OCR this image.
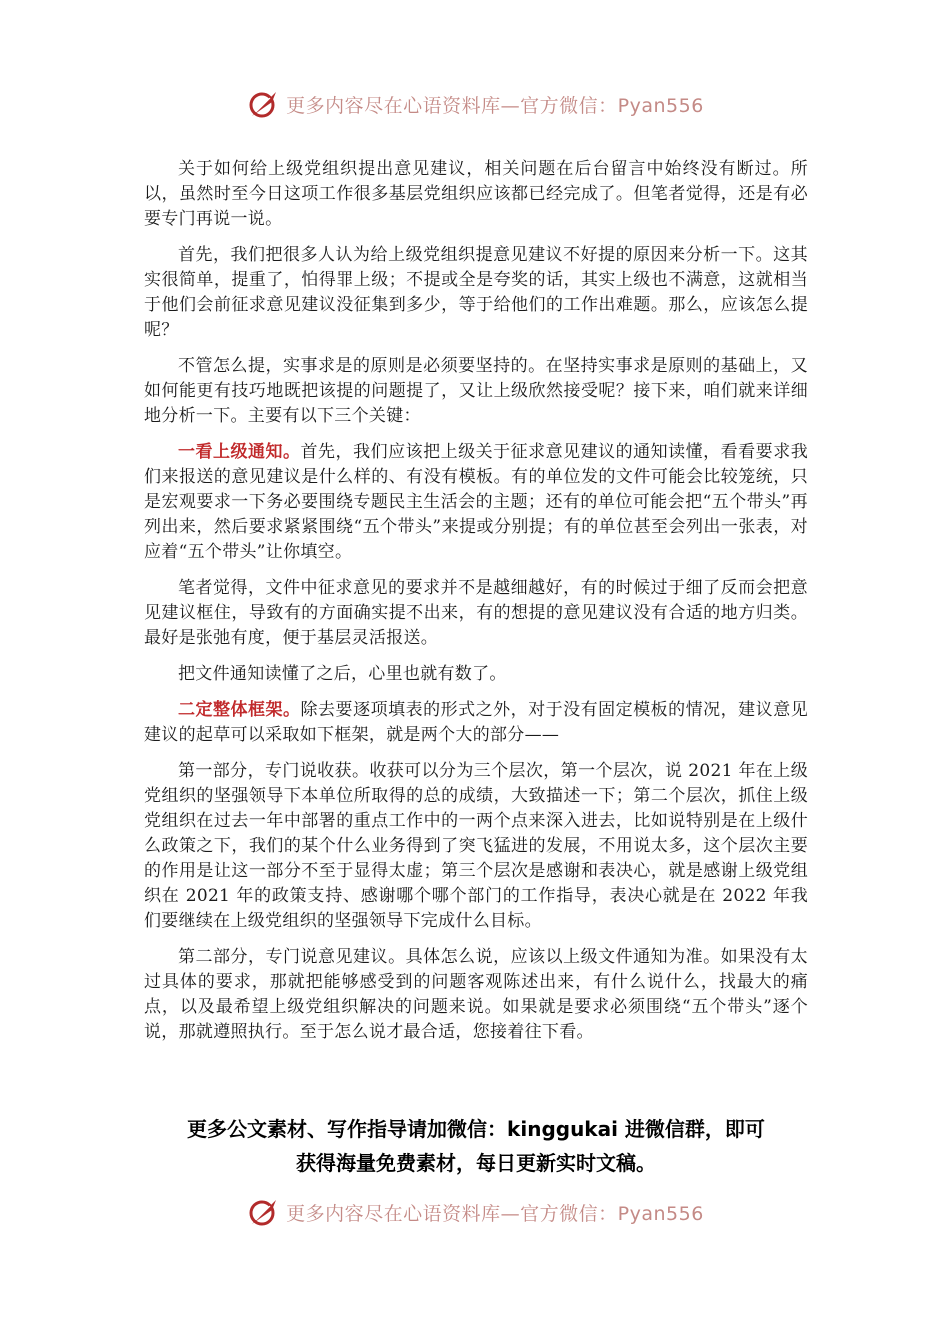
更多内容尽在心语资料库—官方微信：Pyan556

关于如何给上级党组织提出意见建议，相关问题在后台留言中始终没有断过。所以，虽然时至今日这项工作很多基层党组织应该都已经完成了。但笔者觉得，还是有必要专门再说一说。

首先，我们把很多人认为给上级党组织提意见建议不好提的原因来分析一下。这其实很简单，提重了，怕得罪上级；不提或全是夸奖的话，其实上级也不满意，这就相当于他们会前征求意见建议没征集到多少，等于给他们的工作出难题。那么，应该怎么提呢？

不管怎么提，实事求是的原则是必须要坚持的。在坚持实事求是原则的基础上，又如何能更有技巧地既把该提的问题提了，又让上级欣然接受呢？接下来，咱们就来详细地分析一下。主要有以下三个关键：

一看上级通知。首先，我们应该把上级关于征求意见建议的通知读懂，看看要求我们来报送的意见建议是什么样的、有没有模板。有的单位发的文件可能会比较笼统，只是宏观要求一下务必要围绕专题民主生活会的主题；还有的单位可能会把“五个带头”再列出来，然后要求紧紧围绕“五个带头”来提或分别提；有的单位甚至会列出一张表，对应着“五个带头”让你填空。

笔者觉得，文件中征求意见的要求并不是越细越好，有的时候过于细了反而会把意见建议框住，导致有的方面确实提不出来，有的想提的意见建议没有合适的地方归类。最好是张弛有度，便于基层灵活报送。

把文件通知读懂了之后，心里也就有数了。

二定整体框架。除去要逐项填表的形式之外，对于没有固定模板的情况，建议意见建议的起草可以采取如下框架，就是两个大的部分——

第一部分，专门说收获。收获可以分为三个层次，第一个层次，说 2021 年在上级党组织的坚强领导下本单位所取得的总的成绩，大致描述一下；第二个层次，抓住上级党组织在过去一年中部署的重点工作中的一两个点来深入进去，比如说特别是在上级什么政策之下，我们的某个什么业务得到了突飞猛进的发展，不用说太多，这个层次主要的作用是让这一部分不至于显得太虚；第三个层次是感谢和表决心，就是感谢上级党组织在 2021 年的政策支持、感谢哪个哪个部门的工作指导，表决心就是在 2022 年我们要继续在上级党组织的坚强领导下完成什么目标。

第二部分，专门说意见建议。具体怎么说，应该以上级文件通知为准。如果没有太过具体的要求，那就把能够感受到的问题客观陈述出来，有什么说什么，找最大的痛点，以及最希望上级党组织解决的问题来说。如果就是要求必须围绕“五个带头”逐个说，那就遵照执行。至于怎么说才最合适，您接着往下看。

更多公文素材、写作指导请加微信：kinggukai 进微信群，即可
获得海量免费素材，每日更新实时文稿。
更多内容尽在心语资料库—官方微信：Pyan556
